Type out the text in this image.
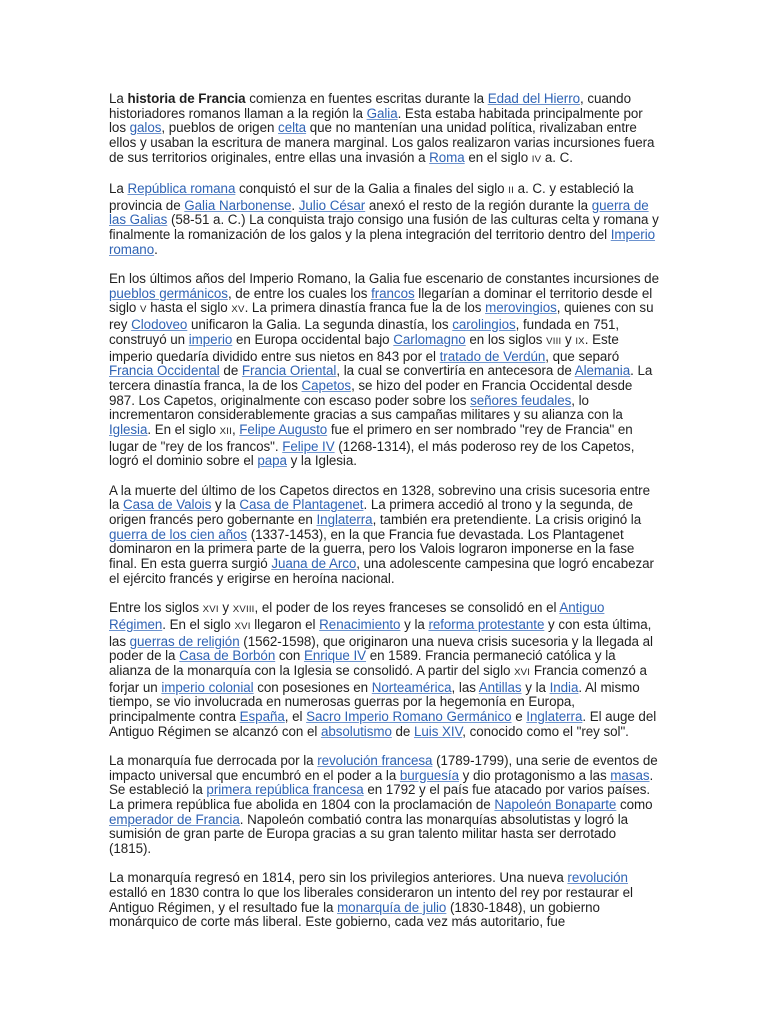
La historia de Francia comienza en fuentes escritas durante la Edad del Hierro, cuando historiadores romanos llaman a la región la Galia. Esta estaba habitada principalmente por los galos, pueblos de origen celta que no mantenían una unidad política, rivalizaban entre ellos y usaban la escritura de manera marginal. Los galos realizaron varias incursiones fuera de sus territorios originales, entre ellas una invasión a Roma en el siglo IV a. C.

La República romana conquistó el sur de la Galia a finales del siglo II a. C. y estableció la provincia de Galia Narbonense. Julio César anexó el resto de la región durante la guerra de las Galias (58-51 a. C.) La conquista trajo consigo una fusión de las culturas celta y romana y finalmente la romanización de los galos y la plena integración del territorio dentro del Imperio romano.

En los últimos años del Imperio Romano, la Galia fue escenario de constantes incursiones de pueblos germánicos, de entre los cuales los francos llegarían a dominar el territorio desde el siglo V hasta el siglo XV. La primera dinastía franca fue la de los merovingios, quienes con su rey Clodoveo unificaron la Galia. La segunda dinastía, los carolingios, fundada en 751, construyó un imperio en Europa occidental bajo Carlomagno en los siglos VIII y IX. Este imperio quedaría dividido entre sus nietos en 843 por el tratado de Verdún, que separó Francia Occidental de Francia Oriental, la cual se convertiría en antecesora de Alemania. La tercera dinastía franca, la de los Capetos, se hizo del poder en Francia Occidental desde 987. Los Capetos, originalmente con escaso poder sobre los señores feudales, lo incrementaron considerablemente gracias a sus campañas militares y su alianza con la Iglesia. En el siglo XII, Felipe Augusto fue el primero en ser nombrado "rey de Francia" en lugar de "rey de los francos". Felipe IV (1268-1314), el más poderoso rey de los Capetos, logró el dominio sobre el papa y la Iglesia.

A la muerte del último de los Capetos directos en 1328, sobrevino una crisis sucesoria entre la Casa de Valois y la Casa de Plantagenet. La primera accedió al trono y la segunda, de origen francés pero gobernante en Inglaterra, también era pretendiente. La crisis originó la guerra de los cien años (1337-1453), en la que Francia fue devastada. Los Plantagenet dominaron en la primera parte de la guerra, pero los Valois lograron imponerse en la fase final. En esta guerra surgió Juana de Arco, una adolescente campesina que logró encabezar el ejército francés y erigirse en heroína nacional.

Entre los siglos XVI y XVIII, el poder de los reyes franceses se consolidó en el Antiguo Régimen. En el siglo XVI llegaron el Renacimiento y la reforma protestante y con esta última, las guerras de religión (1562-1598), que originaron una nueva crisis sucesoria y la llegada al poder de la Casa de Borbón con Enrique IV en 1589. Francia permaneció católica y la alianza de la monarquía con la Iglesia se consolidó. A partir del siglo XVI Francia comenzó a forjar un imperio colonial con posesiones en Norteamérica, las Antillas y la India. Al mismo tiempo, se vio involucrada en numerosas guerras por la hegemonía en Europa, principalmente contra España, el Sacro Imperio Romano Germánico e Inglaterra. El auge del Antiguo Régimen se alcanzó con el absolutismo de Luis XIV, conocido como el "rey sol".

La monarquía fue derrocada por la revolución francesa (1789-1799), una serie de eventos de impacto universal que encumbró en el poder a la burguesía y dio protagonismo a las masas. Se estableció la primera república francesa en 1792 y el país fue atacado por varios países. La primera república fue abolida en 1804 con la proclamación de Napoleón Bonaparte como emperador de Francia. Napoleón combatió contra las monarquías absolutistas y logró la sumisión de gran parte de Europa gracias a su gran talento militar hasta ser derrotado (1815).

La monarquía regresó en 1814, pero sin los privilegios anteriores. Una nueva revolución estalló en 1830 contra lo que los liberales consideraron un intento del rey por restaurar el Antiguo Régimen, y el resultado fue la monarquía de julio (1830-1848), un gobierno monárquico de corte más liberal. Este gobierno, cada vez más autoritario, fue
